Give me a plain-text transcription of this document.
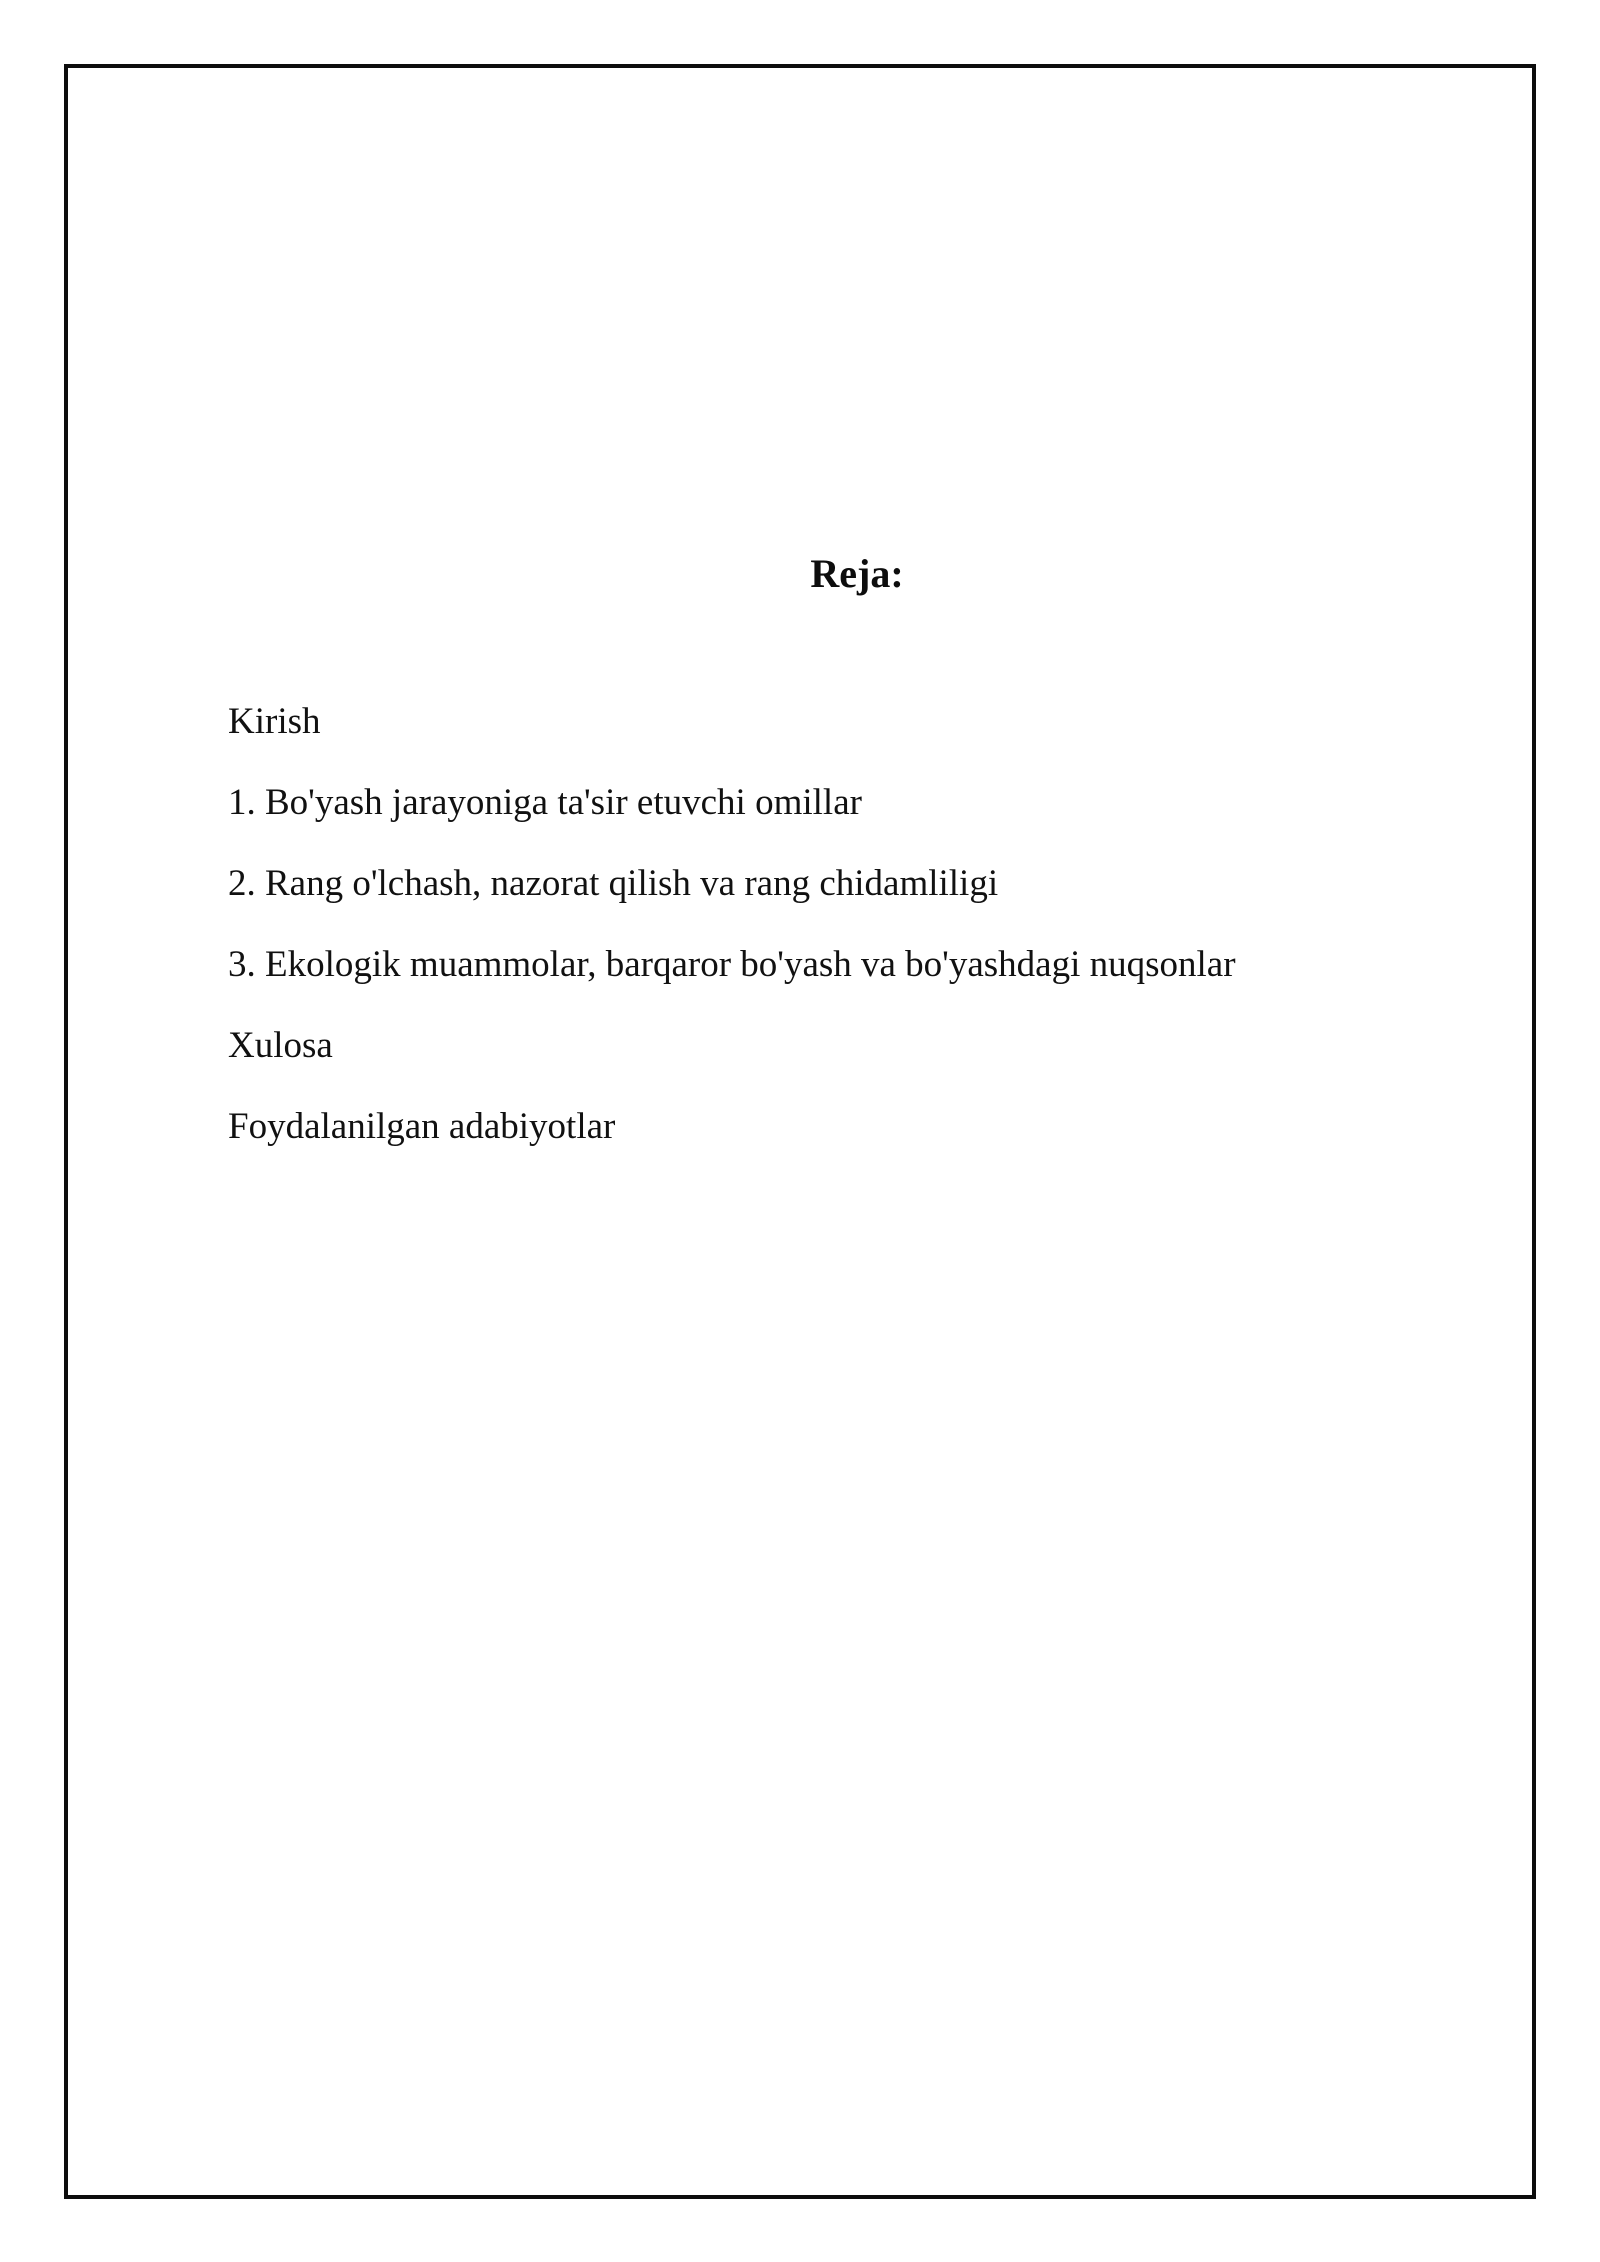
Reja:
Kirish
1. Bo'yash jarayoniga ta'sir etuvchi omillar
2. Rang o'lchash, nazorat qilish va rang chidamliligi
3. Ekologik muammolar, barqaror bo'yash va bo'yashdagi nuqsonlar
Xulosa
Foydalanilgan adabiyotlar
